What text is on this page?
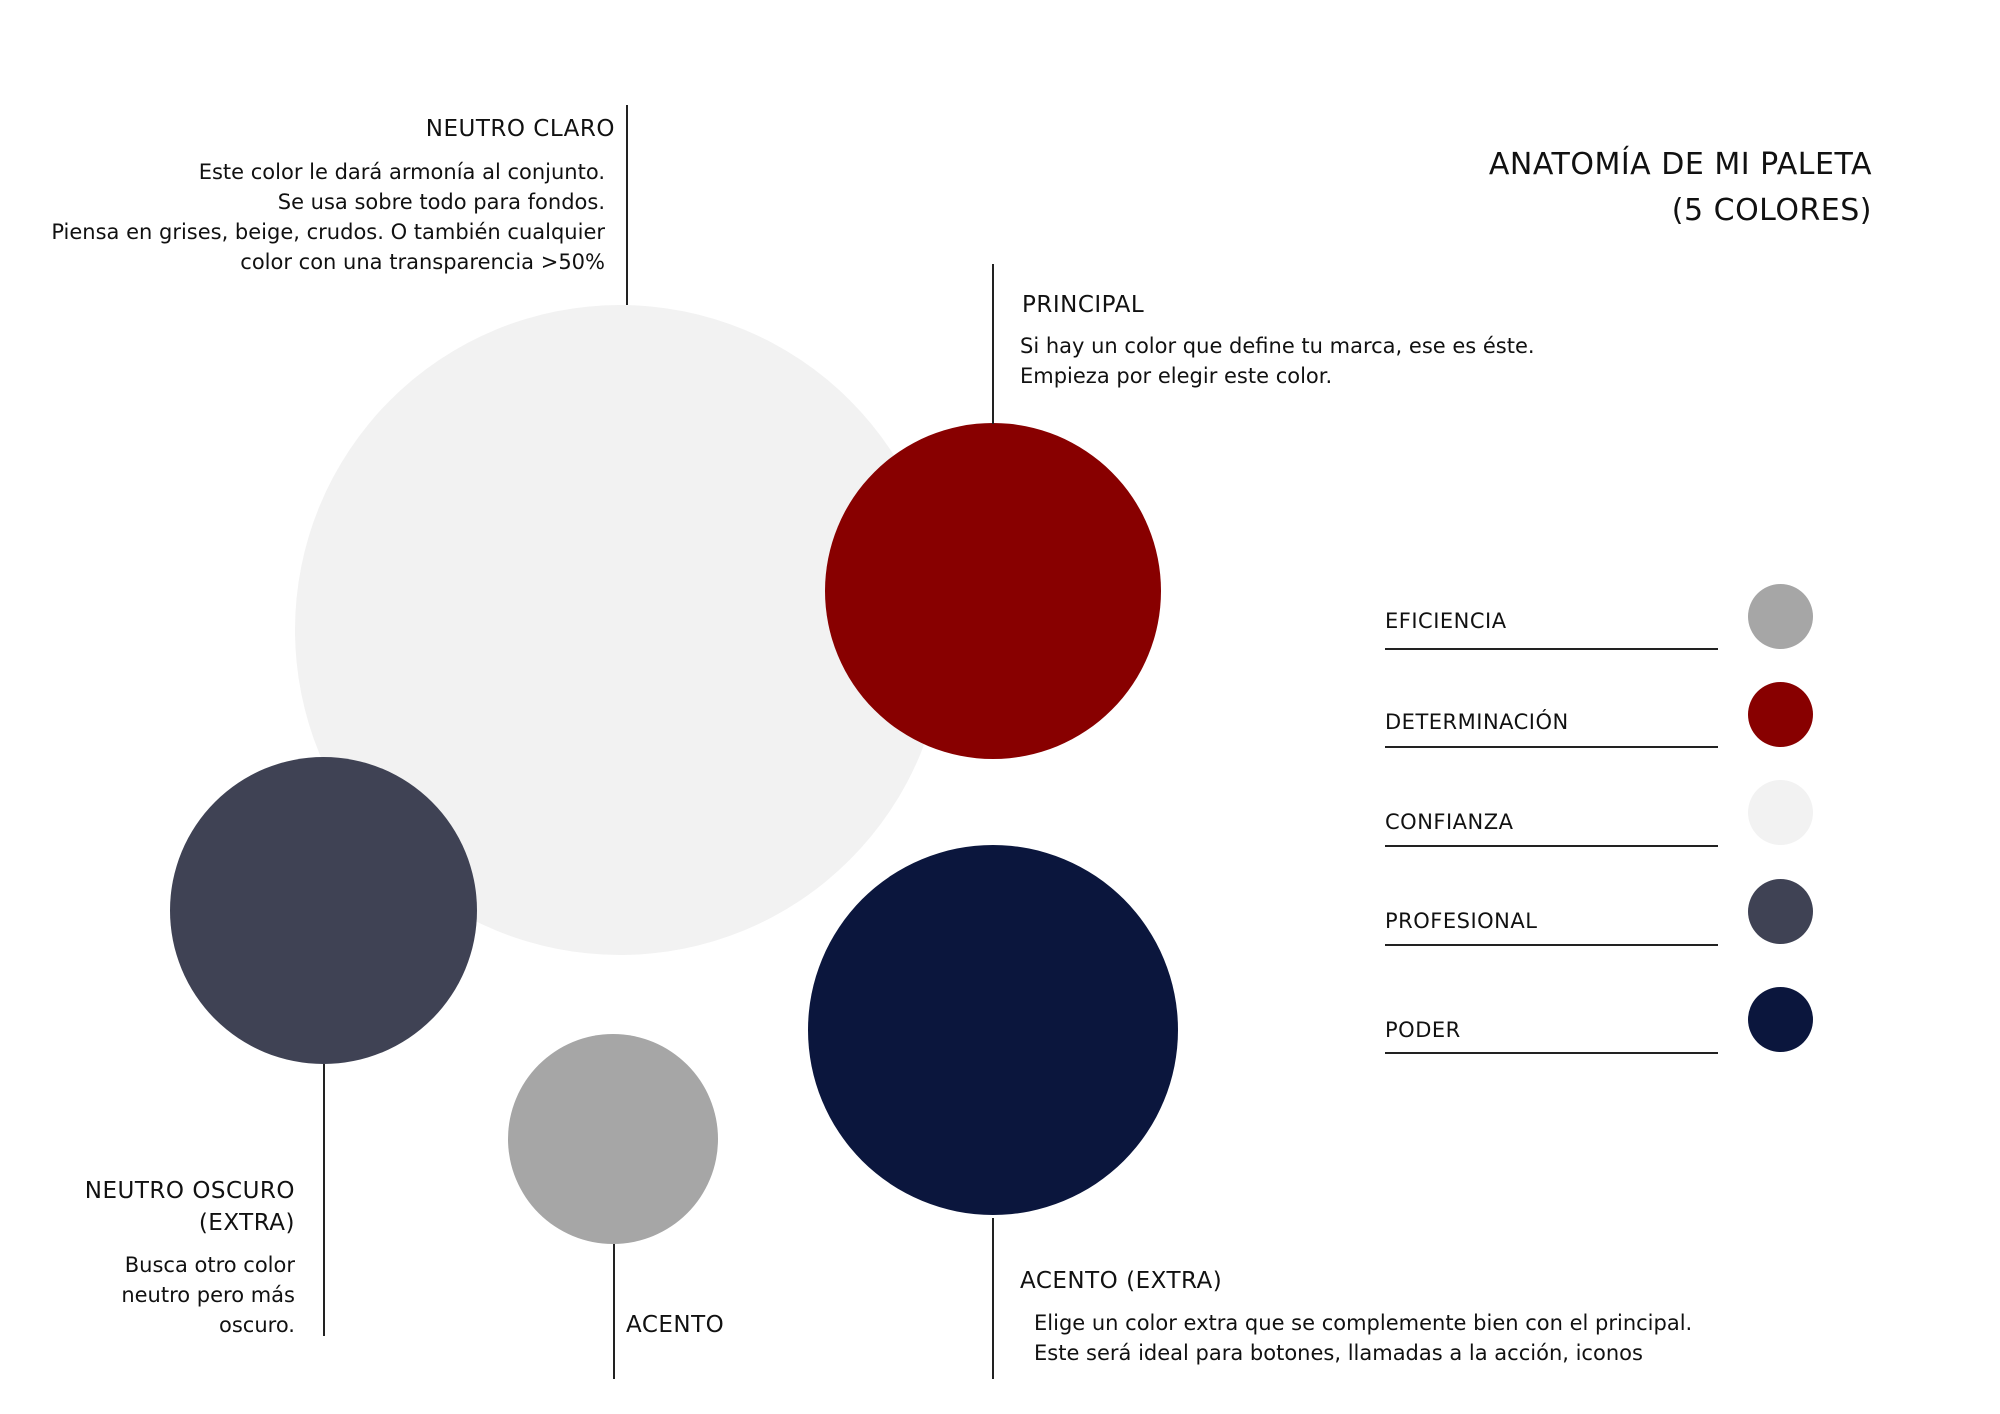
ANATOMÍA DE MI PALETA
(5 COLORES)
NEUTRO CLARO
Este color le dará armonía al conjunto.
Se usa sobre todo para fondos.
Piensa en grises, beige, crudos. O también cualquier
color con una transparencia >50%
PRINCIPAL
Si hay un color que define tu marca, ese es éste.
Empieza por elegir este color.
NEUTRO OSCURO
(EXTRA)
Busca otro color
neutro pero más
oscuro.	ACENTO
ACENTO (EXTRA)
Elige un color extra que se complemente bien con el principal.
Este será ideal para botones, llamadas a la acción, iconos
EFICIENCIA
DETERMINACIÓN
CONFIANZA
PROFESIONAL
PODER
